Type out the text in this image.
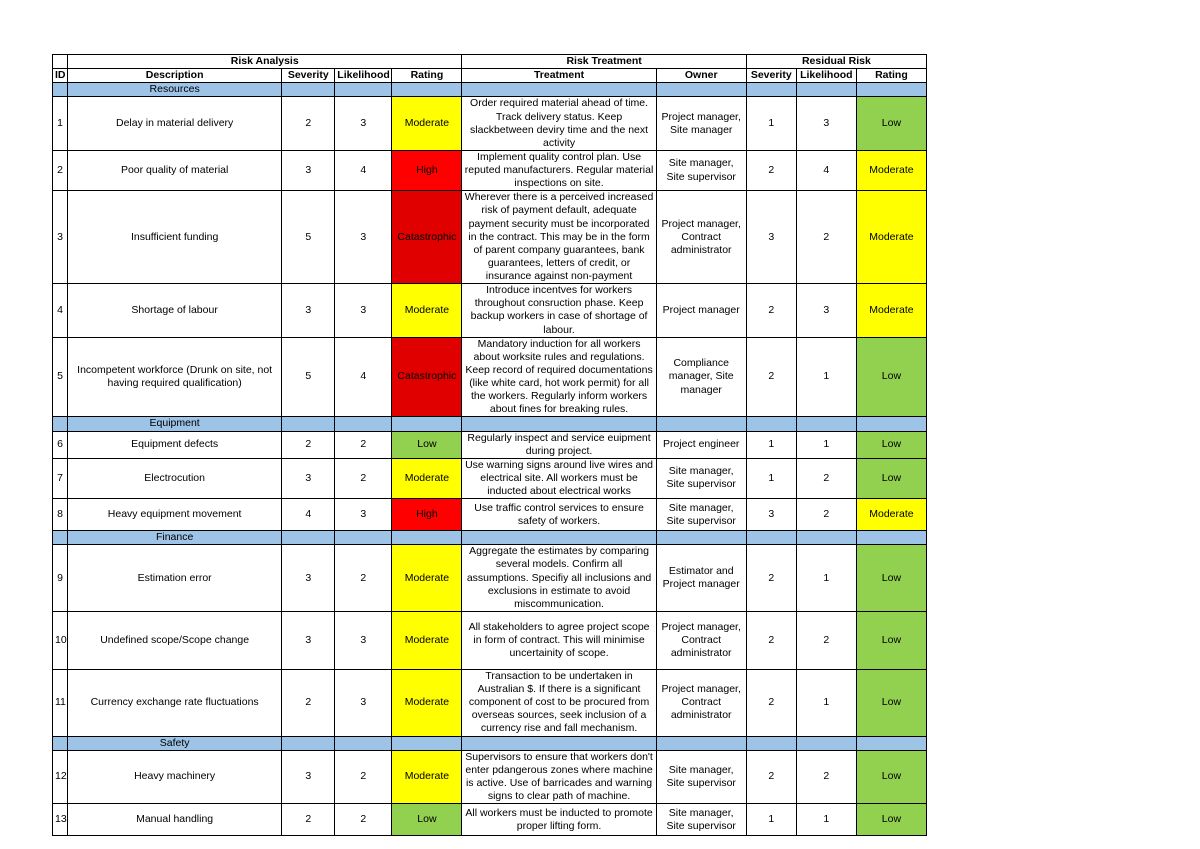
	Risk Analysis				Risk Treatment		Residual Risk		
ID	Description	Severity	Likelihood	Rating	Treatment	Owner	Severity	Likelihood	Rating
	Resources								
1	Delay in material delivery	2	3	Moderate	Order required material ahead of time. Track delivery status. Keep slackbetween deviry time and the next activity	Project manager, Site manager	1	3	Low
2	Poor quality of material	3	4	High	Implement quality control plan. Use reputed manufacturers. Regular material inspections on site.	Site manager, Site supervisor	2	4	Moderate
3	Insufficient funding	5	3	Catastrophic	Wherever there is a perceived increased risk of payment default, adequate payment security must be incorporated in the contract. This may be in the form of parent company guarantees, bank guarantees, letters of credit, or insurance against non-payment	Project manager, Contract administrator	3	2	Moderate
4	Shortage of labour	3	3	Moderate	Introduce incentves for workers throughout consruction phase. Keep backup workers in case of shortage of labour.	Project manager	2	3	Moderate
5	Incompetent workforce (Drunk on site, not having required qualification)	5	4	Catastrophic	Mandatory induction for all workers about worksite rules and regulations. Keep record of required documentations (like white card, hot work permit) for all the workers. Regularly inform workers about fines for breaking rules.	Compliance manager, Site manager	2	1	Low
	Equipment								
6	Equipment defects	2	2	Low	Regularly inspect and service euipment during project.	Project engineer	1	1	Low
7	Electrocution	3	2	Moderate	Use warning signs around live wires and electrical site. All workers must be inducted about electrical works	Site manager, Site supervisor	1	2	Low
8	Heavy equipment movement	4	3	High	Use traffic control services to ensure safety of workers.	Site manager, Site supervisor	3	2	Moderate
	Finance								
9	Estimation error	3	2	Moderate	Aggregate the estimates by comparing several models. Confirm all assumptions. Specifiy all inclusions and exclusions in estimate to avoid miscommunication.	Estimator and Project manager	2	1	Low
10	Undefined scope/Scope change	3	3	Moderate	All stakeholders to agree project scope in form of contract. This will minimise uncertainity of scope.	Project manager, Contract administrator	2	2	Low
11	Currency exchange rate fluctuations	2	3	Moderate	Transaction to be undertaken in Australian $. If there is a significant component of cost to be procured from overseas sources, seek inclusion of a currency rise and fall mechanism.	Project manager, Contract administrator	2	1	Low
	Safety								
12	Heavy machinery	3	2	Moderate	Supervisors to ensure that workers don't enter pdangerous zones where machine is active. Use of barricades and warning signs to clear path of machine.	Site manager, Site supervisor	2	2	Low
13	Manual handling	2	2	Low	All workers must be inducted to promote proper lifting form.	Site manager, Site supervisor	1	1	Low
